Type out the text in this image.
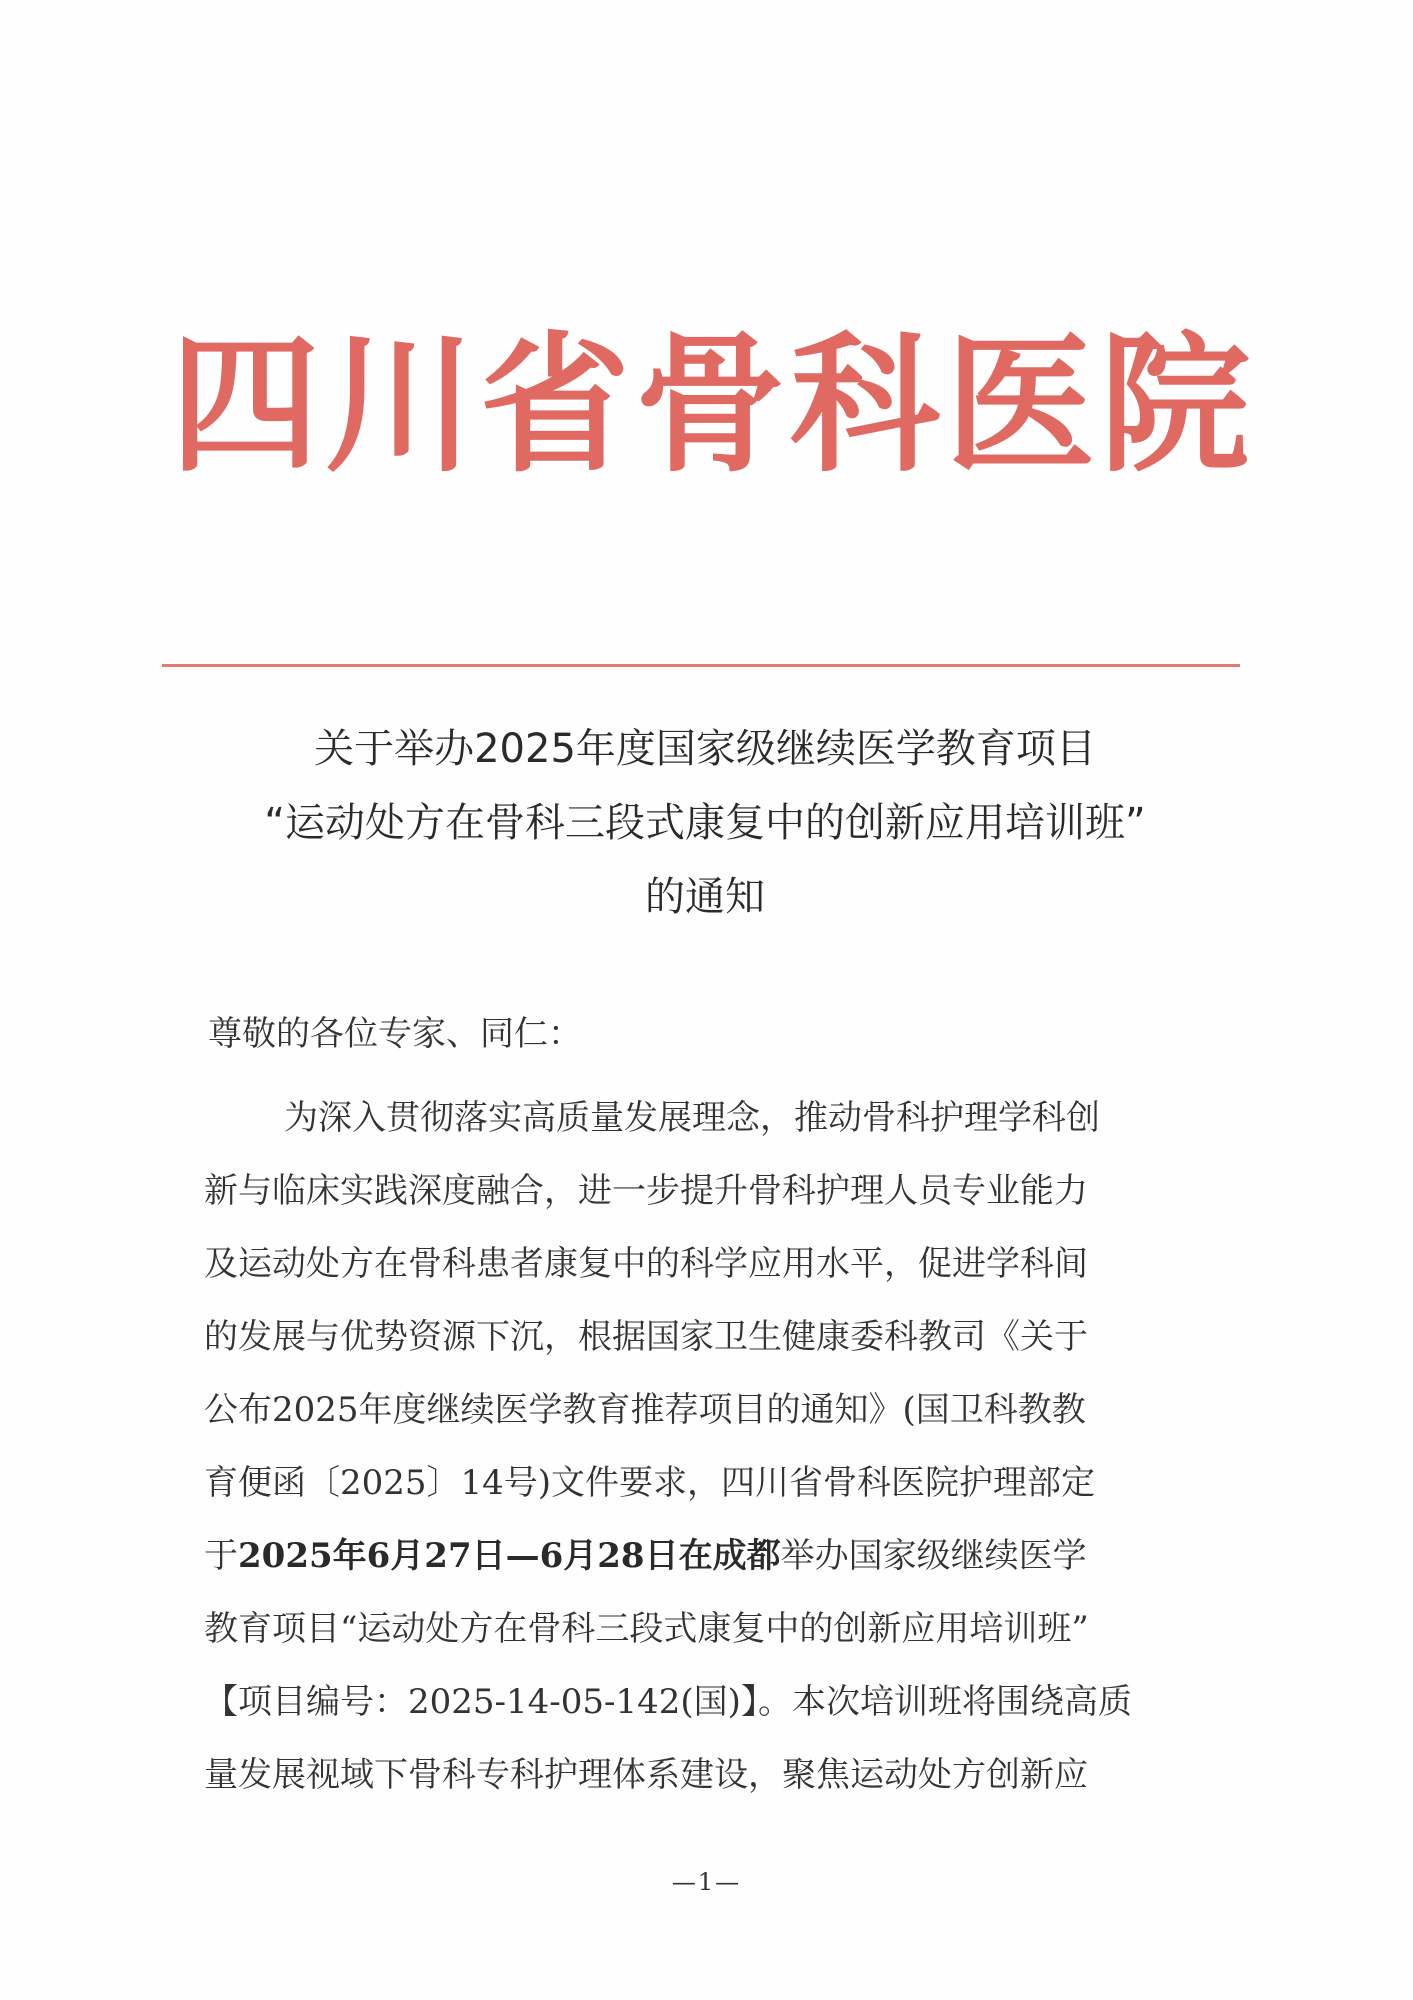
四 川 省 骨 科 医 院
关于举办2025年度国家级继续医学教育项目
“运动处方在骨科三段式康复中的创新应用培训班”
的通知
尊敬的各位专家、同仁：
为深入贯彻落实高质量发展理念，推动骨科护理学科创
新与临床实践深度融合，进一步提升骨科护理人员专业能力
及运动处方在骨科患者康复中的科学应用水平，促进学科间
的发展与优势资源下沉，根据国家卫生健康委科教司《关于
公布2025年度继续医学教育推荐项目的通知》(国卫科教教
育便函〔2025〕14号)文件要求，四川省骨科医院护理部定
于2025年6月27日—6月28日在成都举办国家级继续医学
教育项目“运动处方在骨科三段式康复中的创新应用培训班”
【项目编号：2025-14-05-142(国)】。本次培训班将围绕高质
量发展视域下骨科专科护理体系建设，聚焦运动处方创新应
—1—
